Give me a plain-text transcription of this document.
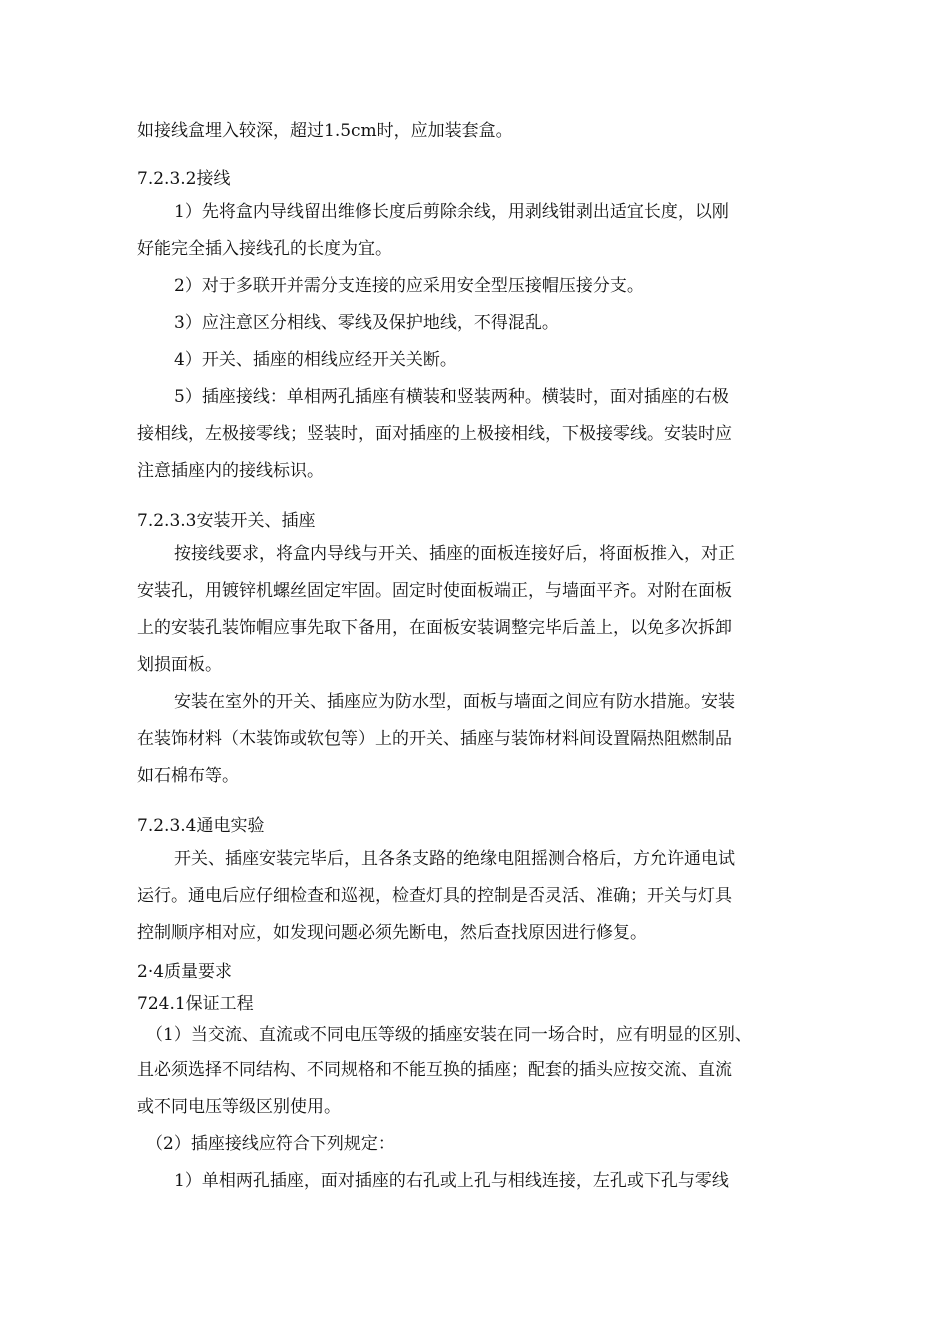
如接线盒埋入较深，超过1.5cm时，应加装套盒。

7.2.3.2接线

1）先将盒内导线留出维修长度后剪除余线，用剥线钳剥出适宜长度，以刚

好能完全插入接线孔的长度为宜。

2）对于多联开并需分支连接的应采用安全型压接帽压接分支。

3）应注意区分相线、零线及保护地线，不得混乱。

4）开关、插座的相线应经开关关断。

5）插座接线：单相两孔插座有横装和竖装两种。横装时，面对插座的右极

接相线，左极接零线；竖装时，面对插座的上极接相线，下极接零线。安装时应

注意插座内的接线标识。

7.2.3.3安装开关、插座

按接线要求，将盒内导线与开关、插座的面板连接好后，将面板推入，对正

安装孔，用镀锌机螺丝固定牢固。固定时使面板端正，与墙面平齐。对附在面板

上的安装孔装饰帽应事先取下备用，在面板安装调整完毕后盖上，以免多次拆卸

划损面板。

安装在室外的开关、插座应为防水型，面板与墙面之间应有防水措施。安装

在装饰材料（木装饰或软包等）上的开关、插座与装饰材料间设置隔热阻燃制品

如石棉布等。

7.2.3.4通电实验

开关、插座安装完毕后，且各条支路的绝缘电阻摇测合格后，方允许通电试

运行。通电后应仔细检查和巡视，检查灯具的控制是否灵活、准确；开关与灯具

控制顺序相对应，如发现问题必须先断电，然后查找原因进行修复。

2·4质量要求

724.1保证工程

（1）当交流、直流或不同电压等级的插座安装在同一场合时，应有明显的区别、

且必须选择不同结构、不同规格和不能互换的插座；配套的插头应按交流、直流

或不同电压等级区别使用。

（2）插座接线应符合下列规定：

1）单相两孔插座，面对插座的右孔或上孔与相线连接，左孔或下孔与零线
